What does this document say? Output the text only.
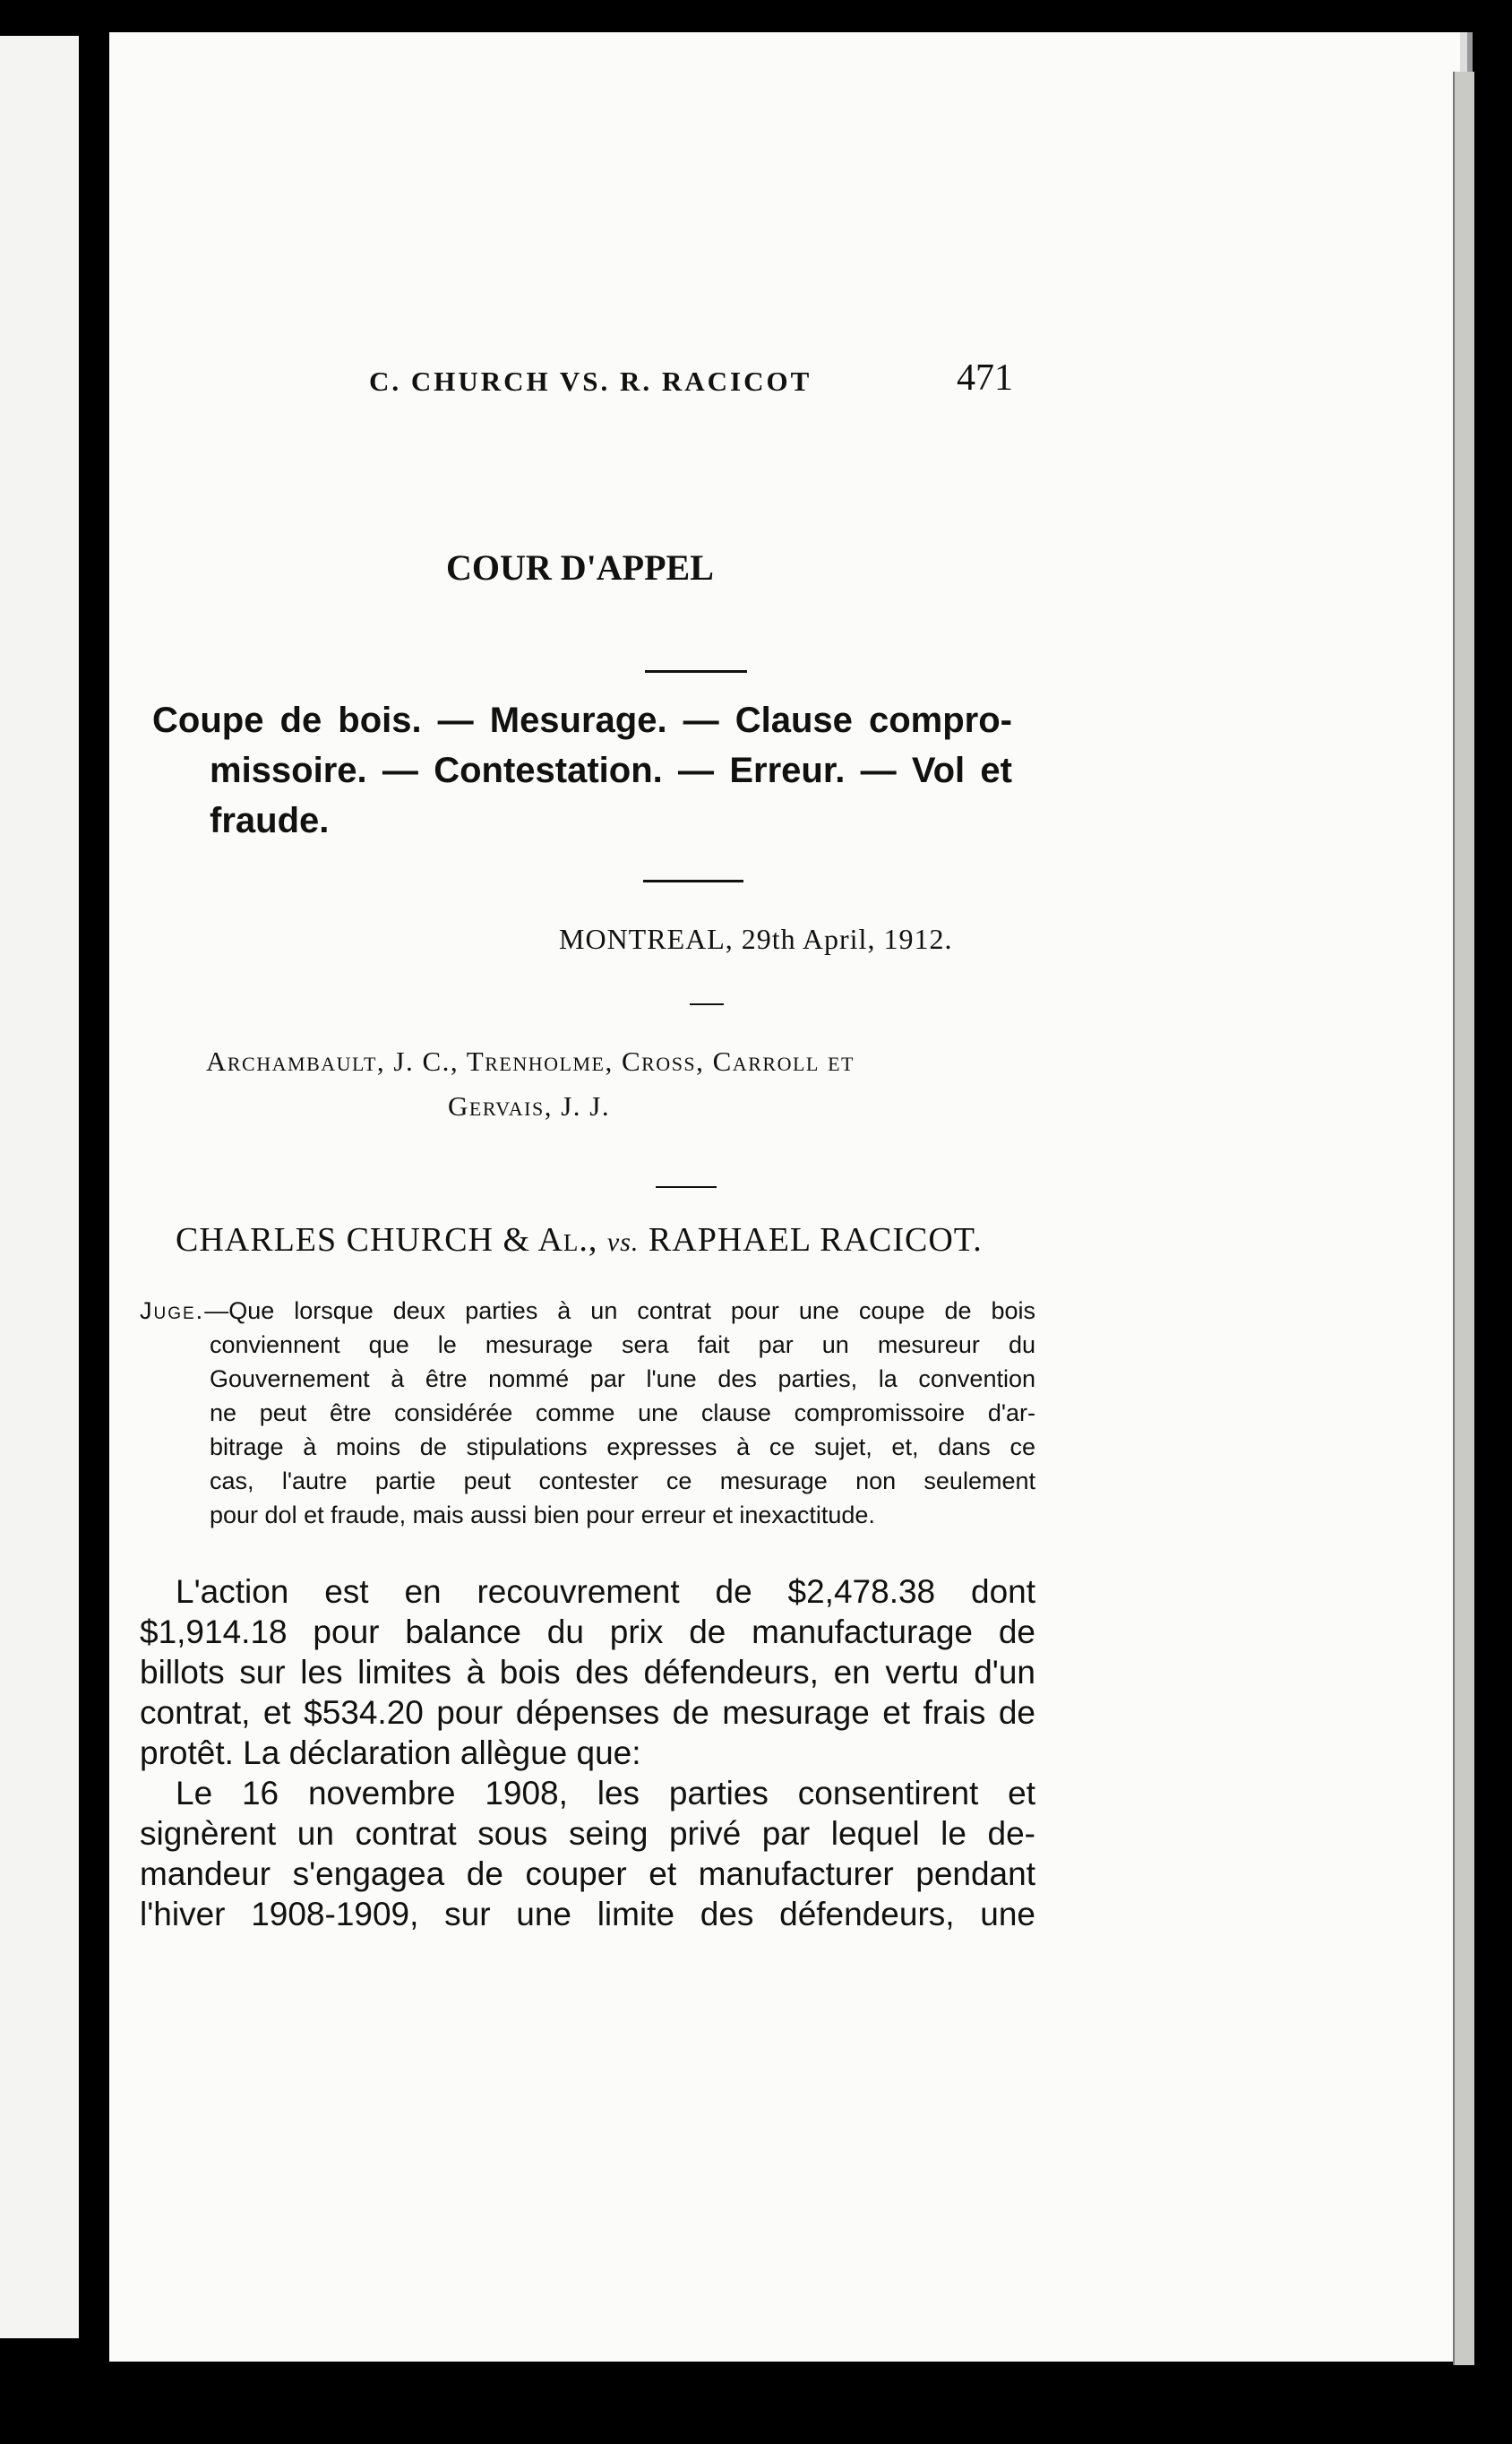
C. CHURCH VS. R. RACICOT	471
COUR D'APPEL
Coupe de bois. — Mesurage. — Clause compro-
missoire. — Contestation. — Erreur. — Vol et
fraude.
MONTREAL, 29th April, 1912.
Archambault, J. C., Trenholme, Cross, Carroll et
Gervais, J. J.
CHARLES CHURCH & Al., vs. RAPHAEL RACICOT.
Juge.—Que lorsque deux parties à un contrat pour une coupe de bois
conviennent que le mesurage sera fait par un mesureur du
Gouvernement à être nommé par l'une des parties, la convention
ne peut être considérée comme une clause compromissoire d'ar-
bitrage à moins de stipulations expresses à ce sujet, et, dans ce
cas, l'autre partie peut contester ce mesurage non seulement
pour dol et fraude, mais aussi bien pour erreur et inexactitude.
L'action est en recouvrement de $2,478.38 dont
$1,914.18 pour balance du prix de manufacturage de
billots sur les limites à bois des défendeurs, en vertu d'un
contrat, et $534.20 pour dépenses de mesurage et frais de
protêt. La déclaration allègue que:
Le 16 novembre 1908, les parties consentirent et
signèrent un contrat sous seing privé par lequel le de-
mandeur s'engagea de couper et manufacturer pendant
l'hiver 1908-1909, sur une limite des défendeurs, une
